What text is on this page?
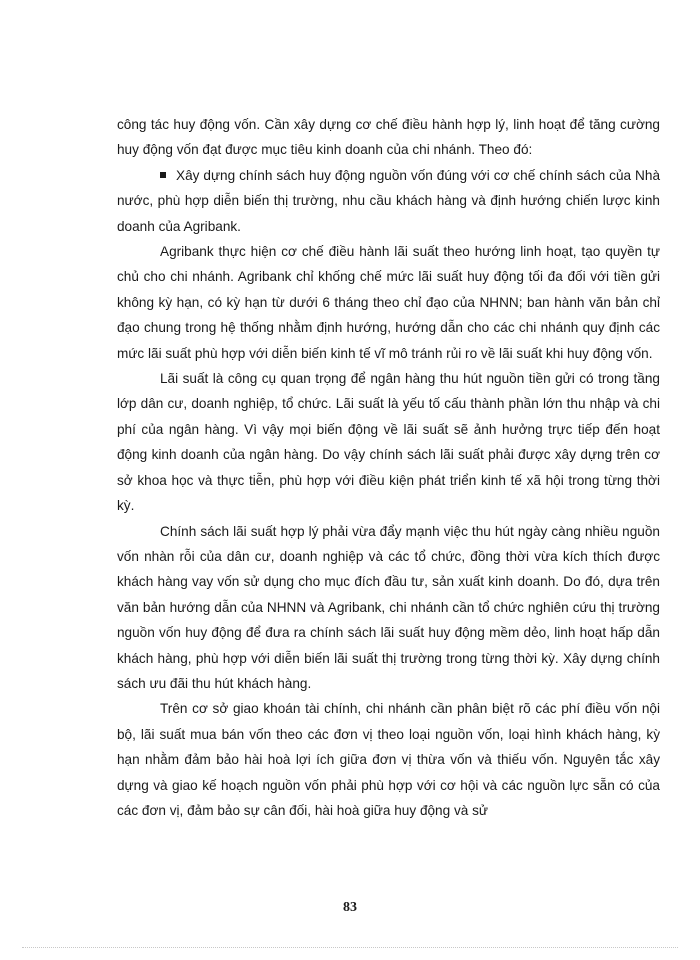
công tác huy động vốn. Cần xây dựng cơ chế điều hành hợp lý, linh hoạt để tăng cường huy động vốn đạt được mục tiêu kinh doanh của chi nhánh. Theo đó:

Xây dựng chính sách huy động nguồn vốn đúng với cơ chế chính sách của Nhà nước, phù hợp diễn biến thị trường, nhu cầu khách hàng và định hướng chiến lược kinh doanh của Agribank.

Agribank thực hiện cơ chế điều hành lãi suất theo hướng linh hoạt, tạo quyền tự chủ cho chi nhánh. Agribank chỉ khống chế mức lãi suất huy động tối đa đối với tiền gửi không kỳ hạn, có kỳ hạn từ dưới 6 tháng theo chỉ đạo của NHNN; ban hành văn bản chỉ đạo chung trong hệ thống nhằm định hướng, hướng dẫn cho các chi nhánh quy định các mức lãi suất phù hợp với diễn biến kinh tế vĩ mô tránh rủi ro về lãi suất khi huy động vốn.

Lãi suất là công cụ quan trọng để ngân hàng thu hút nguồn tiền gửi có trong tầng lớp dân cư, doanh nghiệp, tổ chức. Lãi suất là yếu tố cấu thành phần lớn thu nhập và chi phí của ngân hàng. Vì vậy mọi biến động về lãi suất sẽ ảnh hưởng trực tiếp đến hoạt động kinh doanh của ngân hàng. Do vậy chính sách lãi suất phải được xây dựng trên cơ sở khoa học và thực tiễn, phù hợp với điều kiện phát triển kinh tế xã hội trong từng thời kỳ.

Chính sách lãi suất hợp lý phải vừa đẩy mạnh việc thu hút ngày càng nhiều nguồn vốn nhàn rỗi của dân cư, doanh nghiệp và các tổ chức, đồng thời vừa kích thích được khách hàng vay vốn sử dụng cho mục đích đầu tư, sản xuất kinh doanh. Do đó, dựa trên văn bản hướng dẫn của NHNN và Agribank, chi nhánh cần tổ chức nghiên cứu thị trường nguồn vốn huy động để đưa ra chính sách lãi suất huy động mềm dẻo, linh hoạt hấp dẫn khách hàng, phù hợp với diễn biến lãi suất thị trường trong từng thời kỳ. Xây dựng chính sách ưu đãi thu hút khách hàng.

Trên cơ sở giao khoán tài chính, chi nhánh cần phân biệt rõ các phí điều vốn nội bộ, lãi suất mua bán vốn theo các đơn vị theo loại nguồn vốn, loại hình khách hàng, kỳ hạn nhằm đảm bảo hài hoà lợi ích giữa đơn vị thừa vốn và thiếu vốn. Nguyên tắc xây dựng và giao kế hoạch nguồn vốn phải phù hợp với cơ hội và các nguồn lực sẵn có của các đơn vị, đảm bảo sự cân đối, hài hoà giữa huy động và sử

83
